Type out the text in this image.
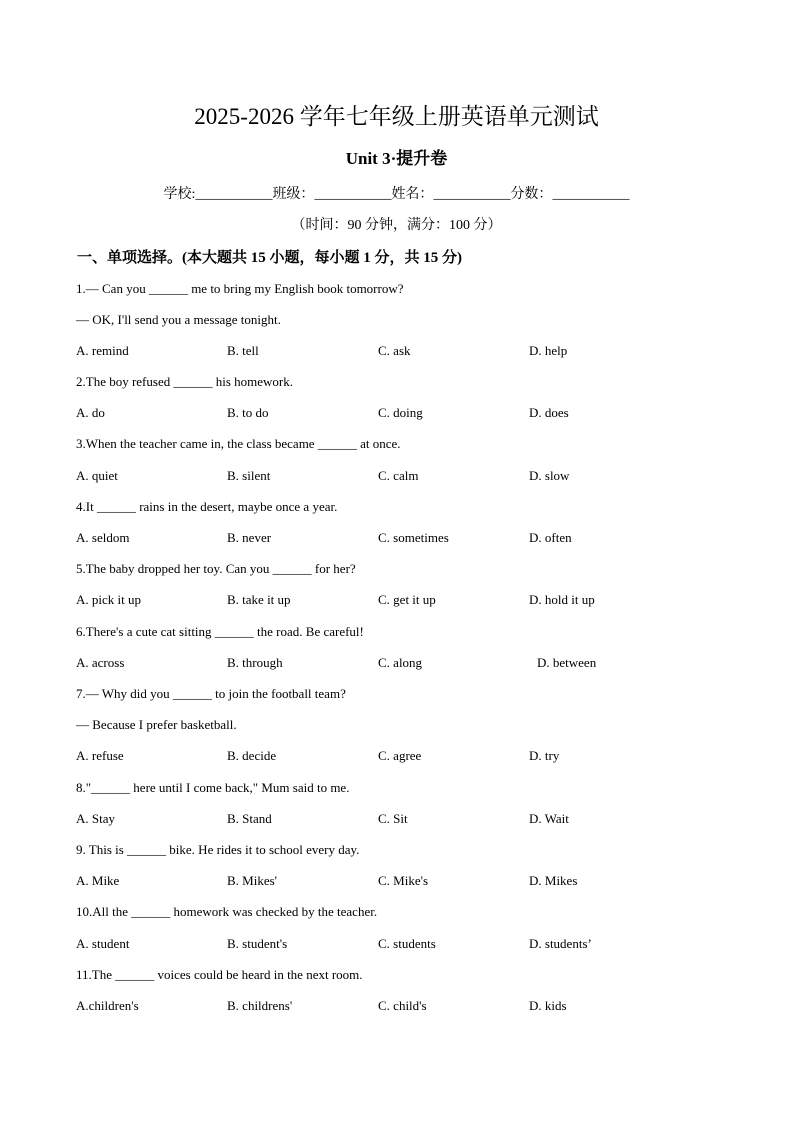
2025-2026 学年七年级上册英语单元测试
Unit 3·提升卷
学校:___________班级：___________姓名：___________分数：___________
（时间：90 分钟，满分：100 分）
一、单项选择。(本大题共 15 小题，每小题 1 分，共 15 分)
1.— Can you ______ me to bring my English book tomorrow?
— OK, I'll send you a message tonight.
A. remind	B. tell	C. ask	D. help
2.The boy refused ______ his homework.
A. do	B. to do	C. doing	D. does
3.When the teacher came in, the class became ______ at once.
A. quiet	B. silent	C. calm	D. slow
4.It ______ rains in the desert, maybe once a year.
A. seldom	B. never	C. sometimes	D. often
5.The baby dropped her toy. Can you ______ for her?
A. pick it up	B. take it up	C. get it up	D. hold it up
6.There's a cute cat sitting ______ the road. Be careful!
A. across	B. through	C. along	D. between
7.— Why did you ______ to join the football team?
— Because I prefer basketball.
A. refuse	B. decide	C. agree	D. try
8."______ here until I come back," Mum said to me.
A. Stay	B. Stand	C. Sit	D. Wait
9. This is ______ bike. He rides it to school every day.
A. Mike	B. Mikes'	C. Mike's	D. Mikes
10.All the ______ homework was checked by the teacher.
A. student	B. student's	C. students	D. students’
11.The ______ voices could be heard in the next room.
A.children's	B. childrens'	C. child's	D. kids
